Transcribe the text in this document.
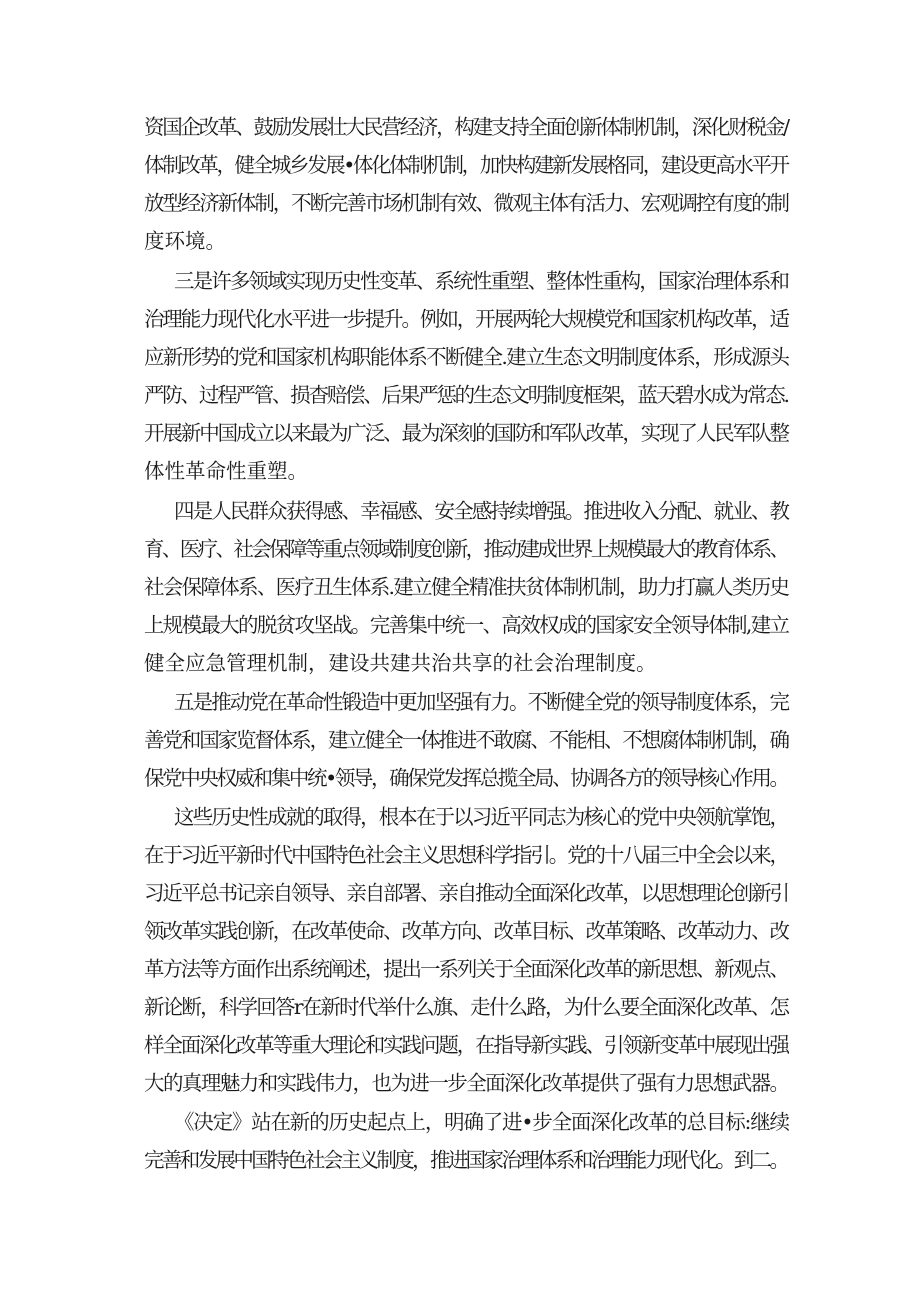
资国企改革、鼓励发展壮大民营经济，构建支持全面创新体制机制，深化财税金/
体制改革，健全城乡发展•体化体制机制，加快构建新发展格同，建设更高水平开
放型经济新体制，不断完善市场机制有效、微观主体有活力、宏观调控有度的制
度环境。
三是许多领域实现历史性变革、系统性重塑、整体性重构，国家治理体系和
治理能力现代化水平进一步提升。例如，开展两轮大规模党和国家机构改革，适
应新形势的党和国家机构职能体系不断健全.建立生态文明制度体系，形成源头
严防、过程严管、损杳赔偿、后果严惩的生态文明制度框架，蓝天碧水成为常态.
开展新中国成立以来最为广泛、最为深刻的国防和军队改革，实现了人民军队整
体性革命性重塑。
四是人民群众获得感、幸福感、安全感持续增强。推进收入分配、就业、教
育、医疗、社会保障等重点领域制度创新，推动建成世界上规模最大的教育体系、
社会保障体系、医疗丑生体系.建立健全精准扶贫体制机制，助力打赢人类历史
上规模最大的脱贫攻坚战。完善集中统一、高效权成的国家安全领导体制,建立
健全应急管理机制，建设共建共治共享的社会治理制度。
五是推动党在革命性锻造中更加坚强有力。不断健全党的领导制度体系，完
善党和国家览督体系，建立健全一体推进不敢腐、不能相、不想腐体制机制，确
保党中央权威和集中统•领导，确保党发挥总揽全局、协调各方的领导核心作用。
这些历史性成就的取得，根本在于以习近平同志为核心的党中央领航掌饱，
在于习近平新时代中国特色社会主义思想科学指引。党的十八届三中全会以来，
习近平总书记亲自领导、亲自部署、亲自推动全面深化改革，以思想理论创新引
领改革实践创新，在改革使命、改革方向、改革目标、改革策略、改革动力、改
革方法等方面作出系统阐述，提出一系列关于全面深化改革的新思想、新观点、
新论断，科学回答r在新时代举什么旗、走什么路，为什么要全面深化改革、怎
样全面深化改革等重大理论和实践问题，在指导新实践、引领新变革中展现出强
大的真理魅力和实践伟力，也为进一步全面深化改革提供了强有力思想武器。
《决定》站在新的历史起点上，明确了进•步全面深化改革的总目标:继续
完善和发展中国特色社会主义制度，推进国家治理体系和治理能力现代化。到二。
